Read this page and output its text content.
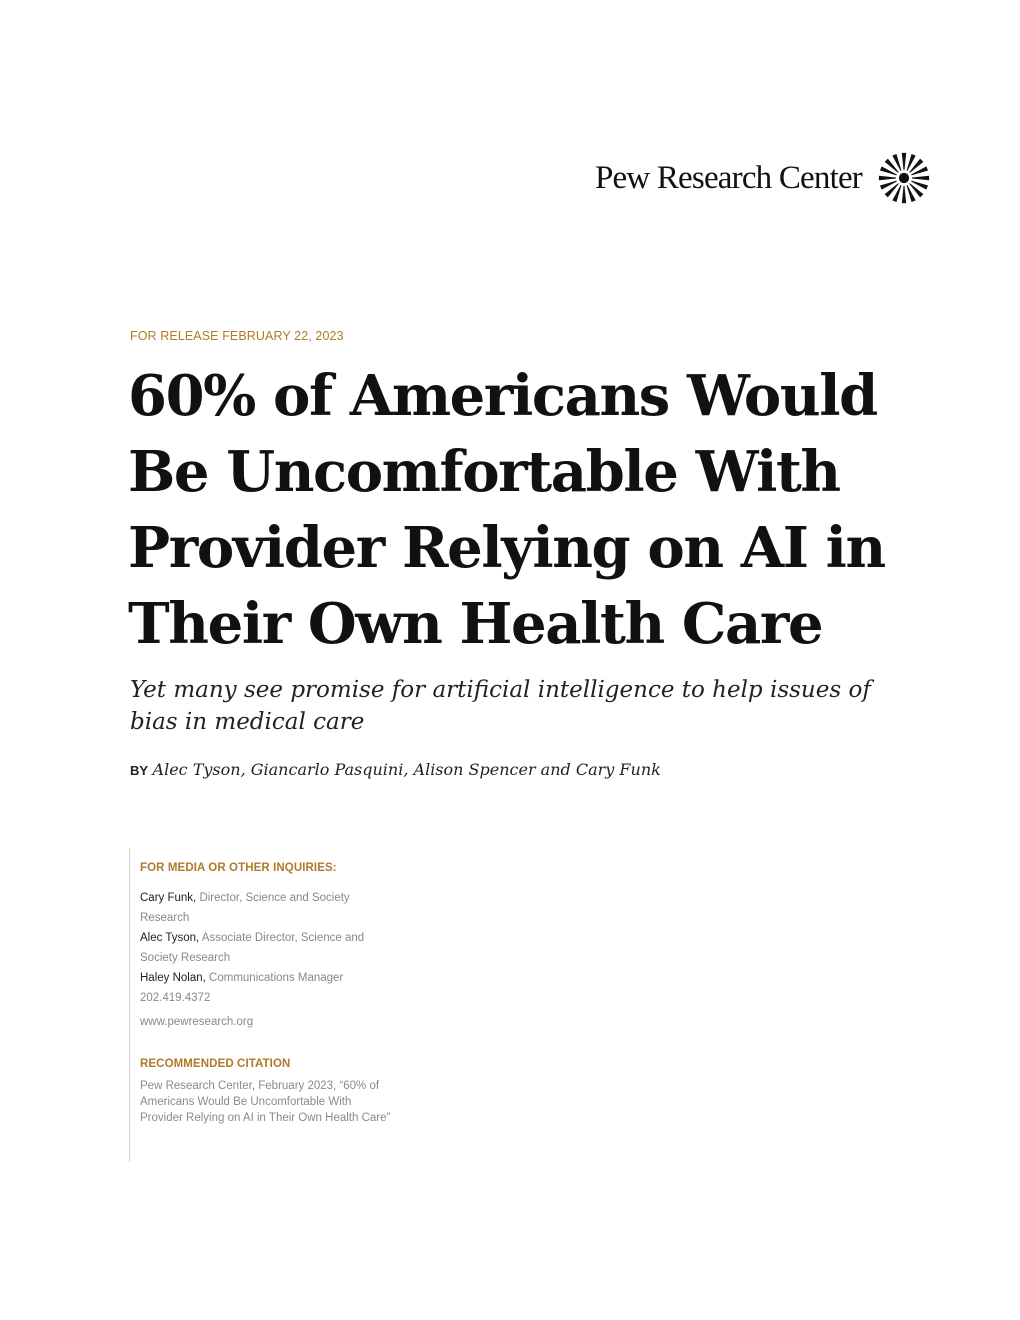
Pew Research Center
FOR RELEASE FEBRUARY 22, 2023
60% of Americans Would
Be Uncomfortable With
Provider Relying on AI in
Their Own Health Care
Yet many see promise for artificial intelligence to help issues of
bias in medical care
BY Alec Tyson, Giancarlo Pasquini, Alison Spencer and Cary Funk
FOR MEDIA OR OTHER INQUIRIES:
Cary Funk, Director, Science and Society
Research
Alec Tyson, Associate Director, Science and
Society Research
Haley Nolan, Communications Manager
202.419.4372
www.pewresearch.org
RECOMMENDED CITATION
Pew Research Center, February 2023, “60% of
Americans Would Be Uncomfortable With
Provider Relying on AI in Their Own Health Care”
